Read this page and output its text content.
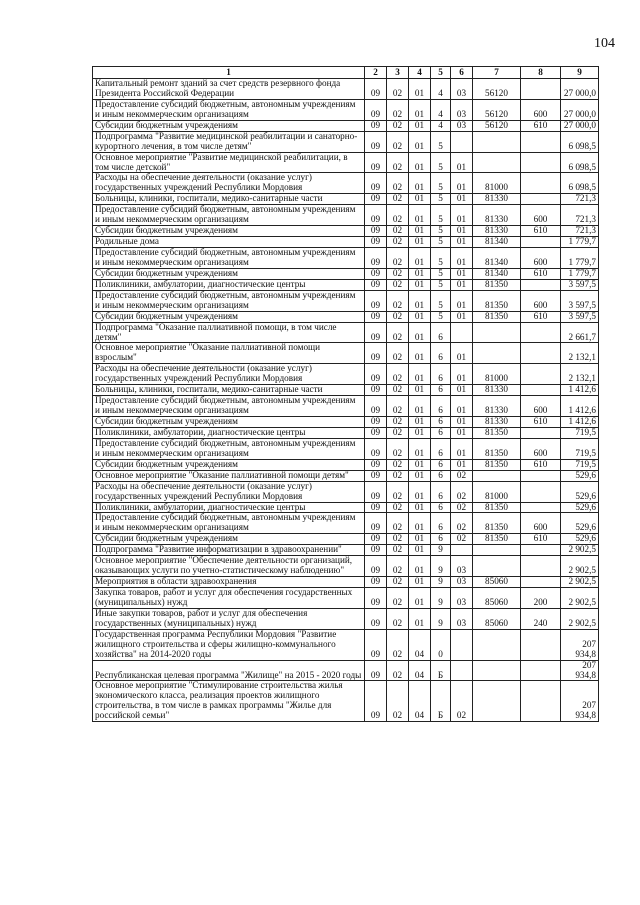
104
1	2	3	4	5	6	7	8	9
Капитальный ремонт зданий за счет средств резервного фонда Президента Российской Федерации	09	02	01	4	03	56120		27 000,0
Предоставление субсидий бюджетным, автономным учреждениям и иным некоммерческим организациям	09	02	01	4	03	56120	600	27 000,0
Субсидии бюджетным учреждениям	09	02	01	4	03	56120	610	27 000,0
Подпрограмма "Развитие медицинской реабилитации и санаторно-курортного лечения, в том числе детям"	09	02	01	5				6 098,5
Основное мероприятие "Развитие медицинской реабилитации, в том числе детской"	09	02	01	5	01			6 098,5
Расходы на обеспечение деятельности (оказание услуг) государственных учреждений Республики Мордовия	09	02	01	5	01	81000		6 098,5
Больницы, клиники, госпитали, медико-санитарные части	09	02	01	5	01	81330		721,3
Предоставление субсидий бюджетным, автономным учреждениям и иным некоммерческим организациям	09	02	01	5	01	81330	600	721,3
Субсидии бюджетным учреждениям	09	02	01	5	01	81330	610	721,3
Родильные дома	09	02	01	5	01	81340		1 779,7
Предоставление субсидий бюджетным, автономным учреждениям и иным некоммерческим организациям	09	02	01	5	01	81340	600	1 779,7
Субсидии бюджетным учреждениям	09	02	01	5	01	81340	610	1 779,7
Поликлиники, амбулатории, диагностические центры	09	02	01	5	01	81350		3 597,5
Предоставление субсидий бюджетным, автономным учреждениям и иным некоммерческим организациям	09	02	01	5	01	81350	600	3 597,5
Субсидии бюджетным учреждениям	09	02	01	5	01	81350	610	3 597,5
Подпрограмма "Оказание паллиативной помощи, в том числе детям"	09	02	01	6				2 661,7
Основное мероприятие "Оказание паллиативной помощи взрослым"	09	02	01	6	01			2 132,1
Расходы на обеспечение деятельности (оказание услуг) государственных учреждений Республики Мордовия	09	02	01	6	01	81000		2 132,1
Больницы, клиники, госпитали, медико-санитарные части	09	02	01	6	01	81330		1 412,6
Предоставление субсидий бюджетным, автономным учреждениям и иным некоммерческим организациям	09	02	01	6	01	81330	600	1 412,6
Субсидии бюджетным учреждениям	09	02	01	6	01	81330	610	1 412,6
Поликлиники, амбулатории, диагностические центры	09	02	01	6	01	81350		719,5
Предоставление субсидий бюджетным, автономным учреждениям и иным некоммерческим организациям	09	02	01	6	01	81350	600	719,5
Субсидии бюджетным учреждениям	09	02	01	6	01	81350	610	719,5
Основное мероприятие "Оказание паллиативной помощи детям"	09	02	01	6	02			529,6
Расходы на обеспечение деятельности (оказание услуг) государственных учреждений Республики Мордовия	09	02	01	6	02	81000		529,6
Поликлиники, амбулатории, диагностические центры	09	02	01	6	02	81350		529,6
Предоставление субсидий бюджетным, автономным учреждениям и иным некоммерческим организациям	09	02	01	6	02	81350	600	529,6
Субсидии бюджетным учреждениям	09	02	01	6	02	81350	610	529,6
Подпрограмма "Развитие информатизации в здравоохранении"	09	02	01	9				2 902,5
Основное мероприятие "Обеспечение деятельности организаций, оказывающих услуги по учетно-статистическому наблюдению"	09	02	01	9	03			2 902,5
Мероприятия в области здравоохранения	09	02	01	9	03	85060		2 902,5
Закупка товаров, работ и услуг для обеспечения государственных (муниципальных) нужд	09	02	01	9	03	85060	200	2 902,5
Иные закупки товаров, работ и услуг для обеспечения государственных (муниципальных) нужд	09	02	01	9	03	85060	240	2 902,5
Государственная программа Республики Мордовия "Развитие жилищного строительства и сферы жилищно-коммунального хозяйства" на 2014-2020 годы	09	02	04	0				207 934,8
Республиканская целевая программа "Жилище" на 2015 - 2020 годы	09	02	04	Б				207 934,8
Основное мероприятие "Стимулирование строительства жилья экономического класса, реализация проектов жилищного строительства, в том числе в рамках программы "Жилье для российской семьи"	09	02	04	Б	02			207 934,8
